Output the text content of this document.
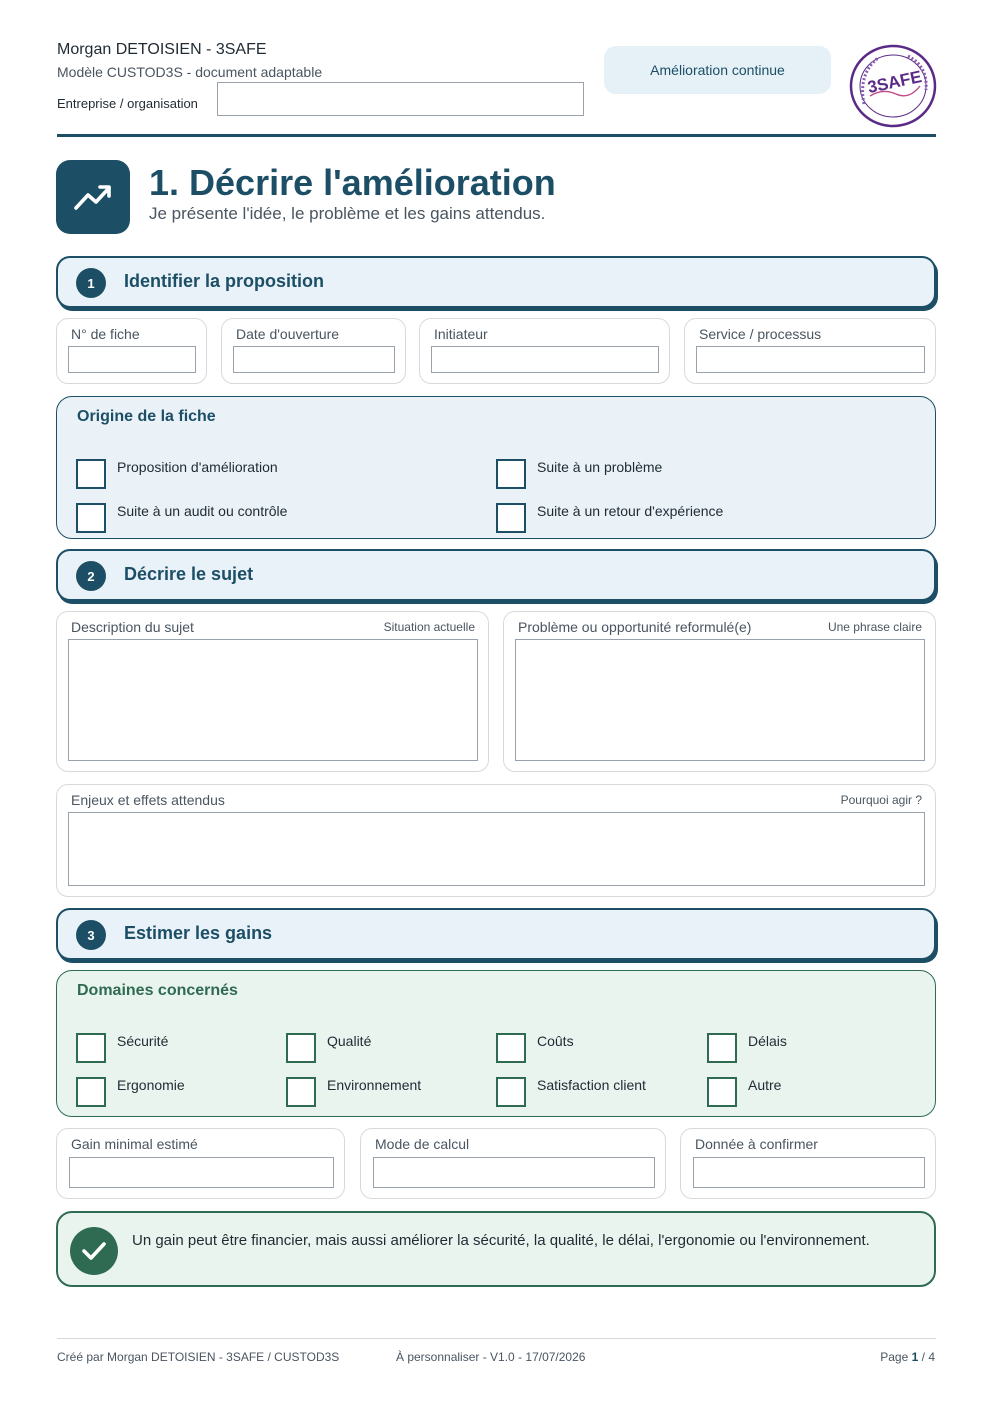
Morgan DETOISIEN - 3SAFE
Modèle CUSTOD3S - document adaptable
Entreprise / organisation
Amélioration continue	3SAFE
1. Décrire l'amélioration
Je présente l'idée, le problème et les gains attendus.
1	Identifier la proposition
N° de fiche	Date d'ouverture	Initiateur	Service / processus
Origine de la fiche
Proposition d'amélioration	Suite à un problème
Suite à un audit ou contrôle	Suite à un retour d'expérience
2	Décrire le sujet
Description du sujet	Situation actuelle	Problème ou opportunité reformulé(e)	Une phrase claire
Enjeux et effets attendus	Pourquoi agir ?
3	Estimer les gains
Domaines concernés
Sécurité	Qualité	Coûts	Délais
Ergonomie	Environnement	Satisfaction client	Autre
Gain minimal estimé	Mode de calcul	Donnée à confirmer
Un gain peut être financier, mais aussi améliorer la sécurité, la qualité, le délai, l'ergonomie ou l'environnement.
Créé par Morgan DETOISIEN - 3SAFE / CUSTOD3S	À personnaliser - V1.0 - 17/07/2026	Page 1 / 4
